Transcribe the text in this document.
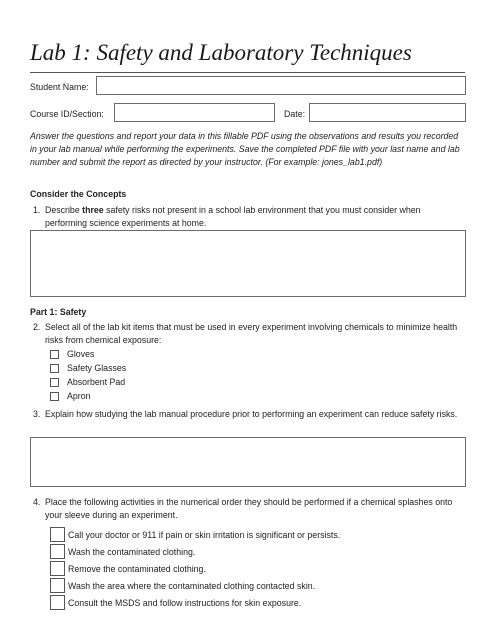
Lab 1: Safety and Laboratory Techniques
Student Name:
Course ID/Section:	Date:
Answer the questions and report your data in this fillable PDF using the observations and results you recorded in your lab manual while performing the experiments. Save the completed PDF file with your last name and lab number and submit the report as directed by your instructor. (For example: jones_lab1.pdf)
Consider the Concepts
1. Describe three safety risks not present in a school lab environment that you must consider when performing science experiments at home.
Part 1: Safety
2. Select all of the lab kit items that must be used in every experiment involving chemicals to minimize health risks from chemical exposure:
Gloves
Safety Glasses
Absorbent Pad
Apron
3. Explain how studying the lab manual procedure prior to performing an experiment can reduce safety risks.
4. Place the following activities in the numerical order they should be performed if a chemical splashes onto your sleeve during an experiment.
Call your doctor or 911 if pain or skin irritation is significant or persists.
Wash the contaminated clothing.
Remove the contaminated clothing.
Wash the area where the contaminated clothing contacted skin.
Consult the MSDS and follow instructions for skin exposure.
